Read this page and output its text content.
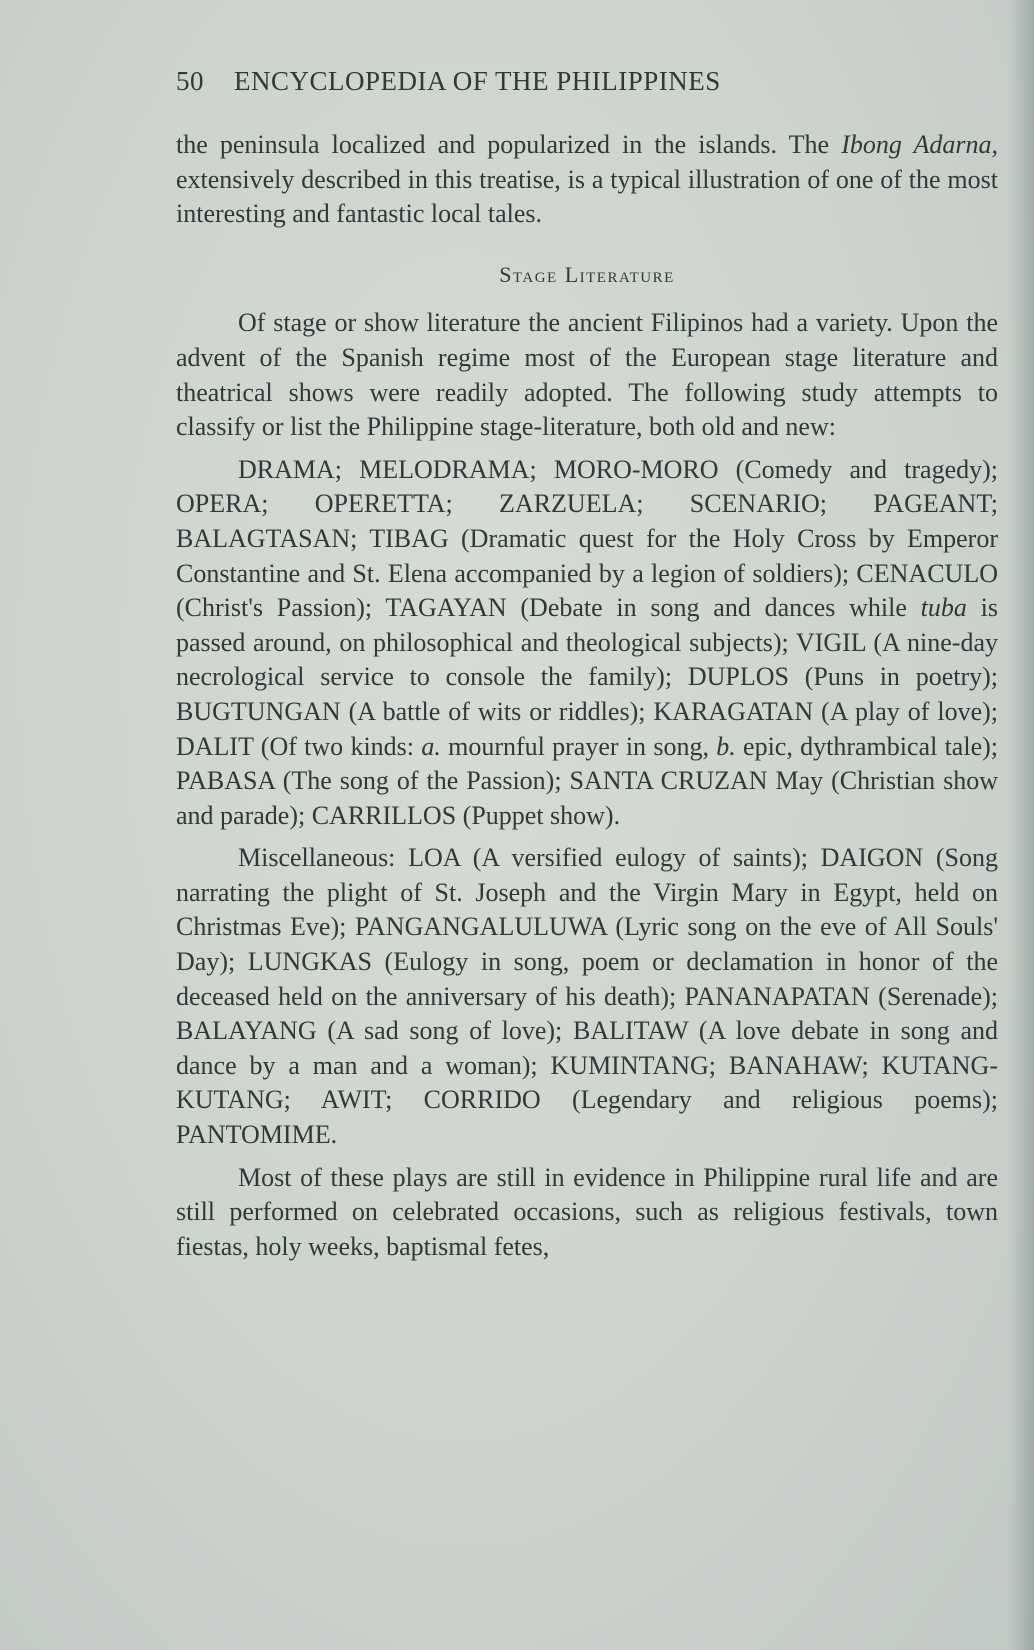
50 ENCYCLOPEDIA OF THE PHILIPPINES

the peninsula localized and popularized in the islands. The Ibong Adarna, extensively described in this treatise, is a typical illustration of one of the most interesting and fantastic local tales.

Stage Literature

Of stage or show literature the ancient Filipinos had a variety. Upon the advent of the Spanish regime most of the European stage literature and theatrical shows were readily adopted. The following study attempts to classify or list the Philippine stage-literature, both old and new:

DRAMA; MELODRAMA; MORO-MORO (Comedy and tragedy); OPERA; OPERETTA; ZARZUELA; SCENARIO; PAGEANT; BALAGTASAN; TIBAG (Dramatic quest for the Holy Cross by Emperor Constantine and St. Elena accompanied by a legion of soldiers); CENACULO (Christ's Passion); TAGAYAN (Debate in song and dances while tuba is passed around, on philosophical and theological subjects); VIGIL (A nine-day necrological service to console the family); DUPLOS (Puns in poetry); BUGTUNGAN (A battle of wits or riddles); KARAGATAN (A play of love); DALIT (Of two kinds: a. mournful prayer in song, b. epic, dythrambical tale); PABASA (The song of the Passion); SANTA CRUZAN May (Christian show and parade); CARRILLOS (Puppet show).

Miscellaneous: LOA (A versified eulogy of saints); DAIGON (Song narrating the plight of St. Joseph and the Virgin Mary in Egypt, held on Christmas Eve); PANGANGALULUWA (Lyric song on the eve of All Souls' Day); LUNGKAS (Eulogy in song, poem or declamation in honor of the deceased held on the anniversary of his death); PANANAPATAN (Serenade); BALAYANG (A sad song of love); BALITAW (A love debate in song and dance by a man and a woman); KUMINTANG; BANAHAW; KUTANG-KUTANG; AWIT; CORRIDO (Legendary and religious poems); PANTOMIME.

Most of these plays are still in evidence in Philippine rural life and are still performed on celebrated occasions, such as religious festivals, town fiestas, holy weeks, baptismal fetes,
